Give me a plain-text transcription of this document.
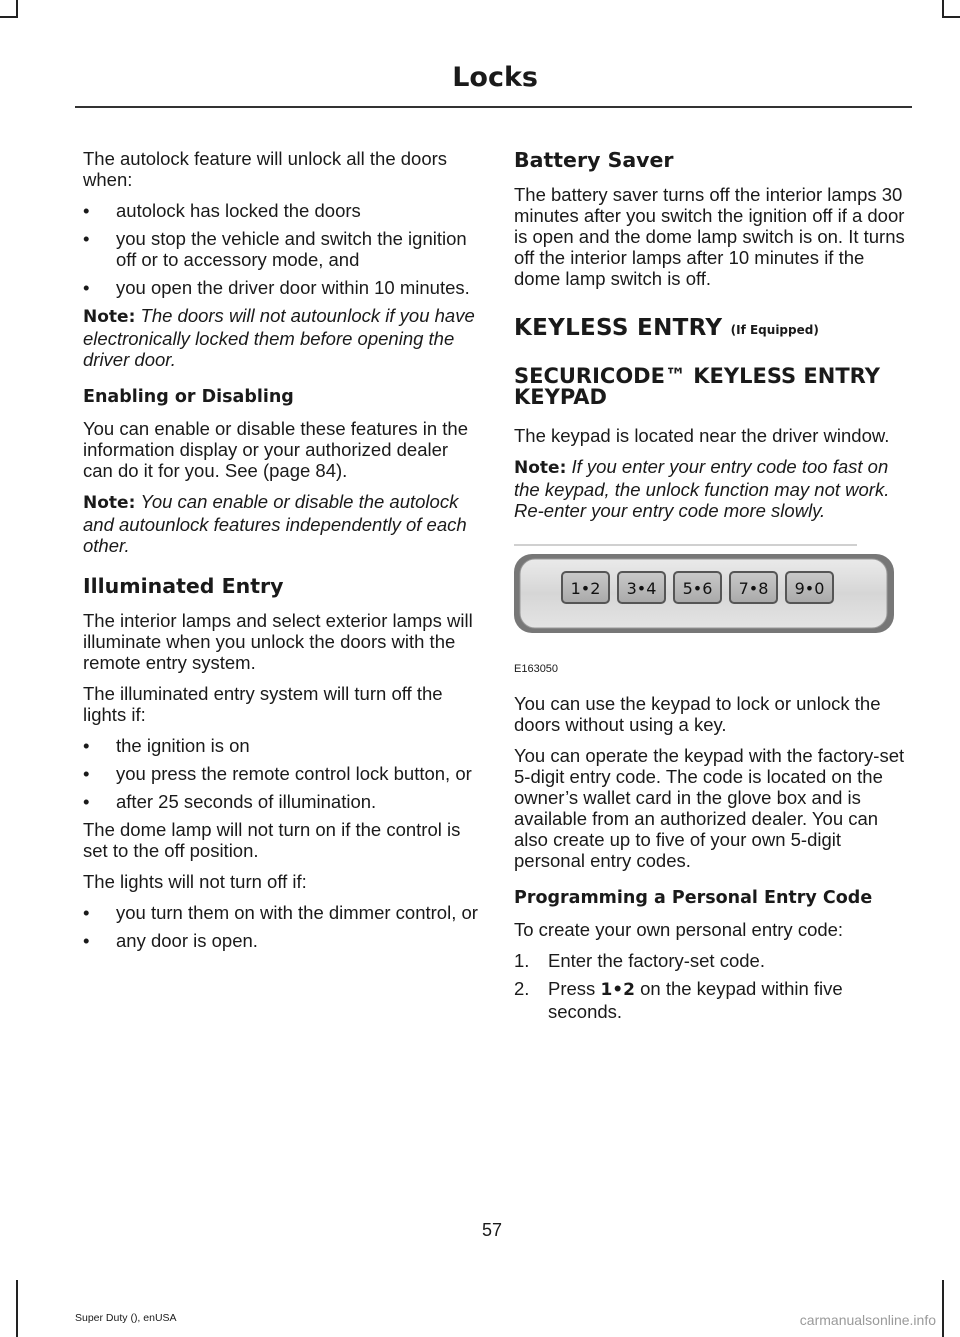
Locks

The autolock feature will unlock all the doors when:

• autolock has locked the doors
• you stop the vehicle and switch the ignition off or to accessory mode, and
• you open the driver door within 10 minutes.

Note: The doors will not autounlock if you have electronically locked them before opening the driver door.

Enabling or Disabling

You can enable or disable these features in the information display or your authorized dealer can do it for you. See (page 84).

Note: You can enable or disable the autolock and autounlock features independently of each other.

Illuminated Entry

The interior lamps and select exterior lamps will illuminate when you unlock the doors with the remote entry system.

The illuminated entry system will turn off the lights if:

• the ignition is on
• you press the remote control lock button, or
• after 25 seconds of illumination.

The dome lamp will not turn on if the control is set to the off position.

The lights will not turn off if:

• you turn them on with the dimmer control, or
• any door is open.
Battery Saver

The battery saver turns off the interior lamps 30 minutes after you switch the ignition off if a door is open and the dome lamp switch is on. It turns off the interior lamps after 10 minutes if the dome lamp switch is off.

KEYLESS ENTRY (If Equipped)
SECURICODE™ KEYLESS ENTRY KEYPAD

The keypad is located near the driver window.

Note: If you enter your entry code too fast on the keypad, the unlock function may not work. Re-enter your entry code more slowly.

1•2 3•4 5•6 7•8 9•0
E163050

You can use the keypad to lock or unlock the doors without using a key.

You can operate the keypad with the factory-set 5-digit entry code. The code is located on the owner’s wallet card in the glove box and is available from an authorized dealer. You can also create up to five of your own 5-digit personal entry codes.

Programming a Personal Entry Code

To create your own personal entry code:

1. Enter the factory-set code.
2. Press 1•2 on the keypad within five seconds.
57
Super Duty (), enUSA	carmanualsonline.info
